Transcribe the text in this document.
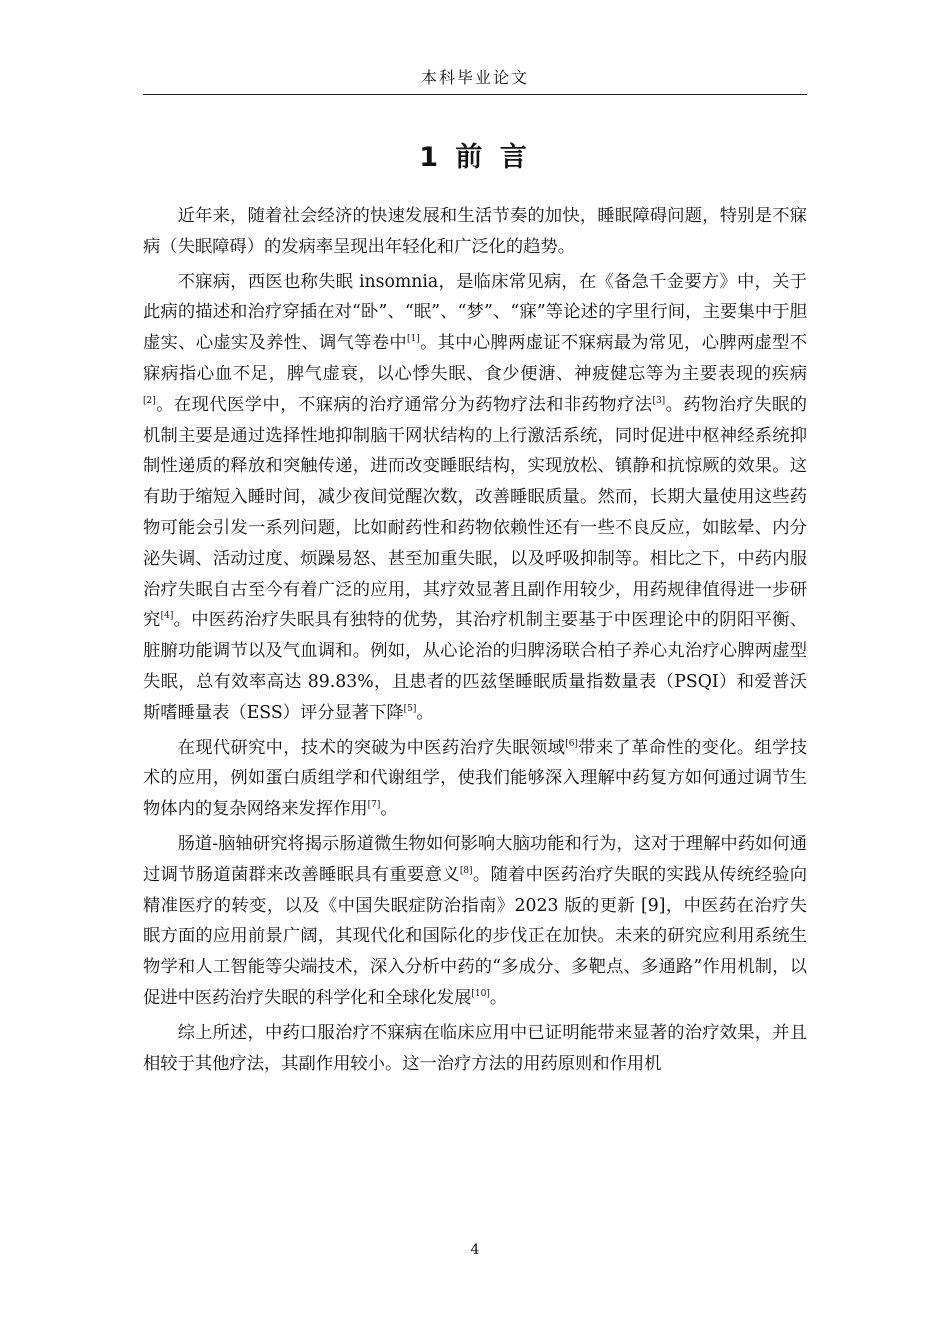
本科毕业论文
1 前 言

近年来，随着社会经济的快速发展和生活节奏的加快，睡眠障碍问题，特别是不寐病（失眠障碍）的发病率呈现出年轻化和广泛化的趋势。

不寐病，西医也称失眠 insomnia，是临床常见病，在《备急千金要方》中，关于此病的描述和治疗穿插在对“卧”、“眠”、“梦”、“寐”等论述的字里行间，主要集中于胆虚实、心虚实及养性、调气等卷中[1]。其中心脾两虚证不寐病最为常见，心脾两虚型不寐病指心血不足，脾气虚衰，以心悸失眠、食少便溏、神疲健忘等为主要表现的疾病[2]。在现代医学中，不寐病的治疗通常分为药物疗法和非药物疗法[3]。药物治疗失眠的机制主要是通过选择性地抑制脑干网状结构的上行激活系统，同时促进中枢神经系统抑制性递质的释放和突触传递，进而改变睡眠结构，实现放松、镇静和抗惊厥的效果。这有助于缩短入睡时间，减少夜间觉醒次数，改善睡眠质量。然而，长期大量使用这些药物可能会引发一系列问题，比如耐药性和药物依赖性还有一些不良反应，如眩晕、内分泌失调、活动过度、烦躁易怒、甚至加重失眠，以及呼吸抑制等。相比之下，中药内服治疗失眠自古至今有着广泛的应用，其疗效显著且副作用较少，用药规律值得进一步研究[4]。中医药治疗失眠具有独特的优势，其治疗机制主要基于中医理论中的阴阳平衡、脏腑功能调节以及气血调和。例如，从心论治的归脾汤联合柏子养心丸治疗心脾两虚型失眠，总有效率高达 89.83%，且患者的匹兹堡睡眠质量指数量表（PSQI）和爱普沃斯嗜睡量表（ESS）评分显著下降[5]。

在现代研究中，技术的突破为中医药治疗失眠领域[6]带来了革命性的变化。组学技术的应用，例如蛋白质组学和代谢组学，使我们能够深入理解中药复方如何通过调节生物体内的复杂网络来发挥作用[7]。

肠道-脑轴研究将揭示肠道微生物如何影响大脑功能和行为，这对于理解中药如何通过调节肠道菌群来改善睡眠具有重要意义[8]。随着中医药治疗失眠的实践从传统经验向精准医疗的转变，以及《中国失眠症防治指南》2023 版的更新 [9]，中医药在治疗失眠方面的应用前景广阔，其现代化和国际化的步伐正在加快。未来的研究应利用系统生物学和人工智能等尖端技术，深入分析中药的“多成分、多靶点、多通路”作用机制，以促进中医药治疗失眠的科学化和全球化发展[10]。

综上所述，中药口服治疗不寐病在临床应用中已证明能带来显著的治疗效果，并且相较于其他疗法，其副作用较小。这一治疗方法的用药原则和作用机

4
